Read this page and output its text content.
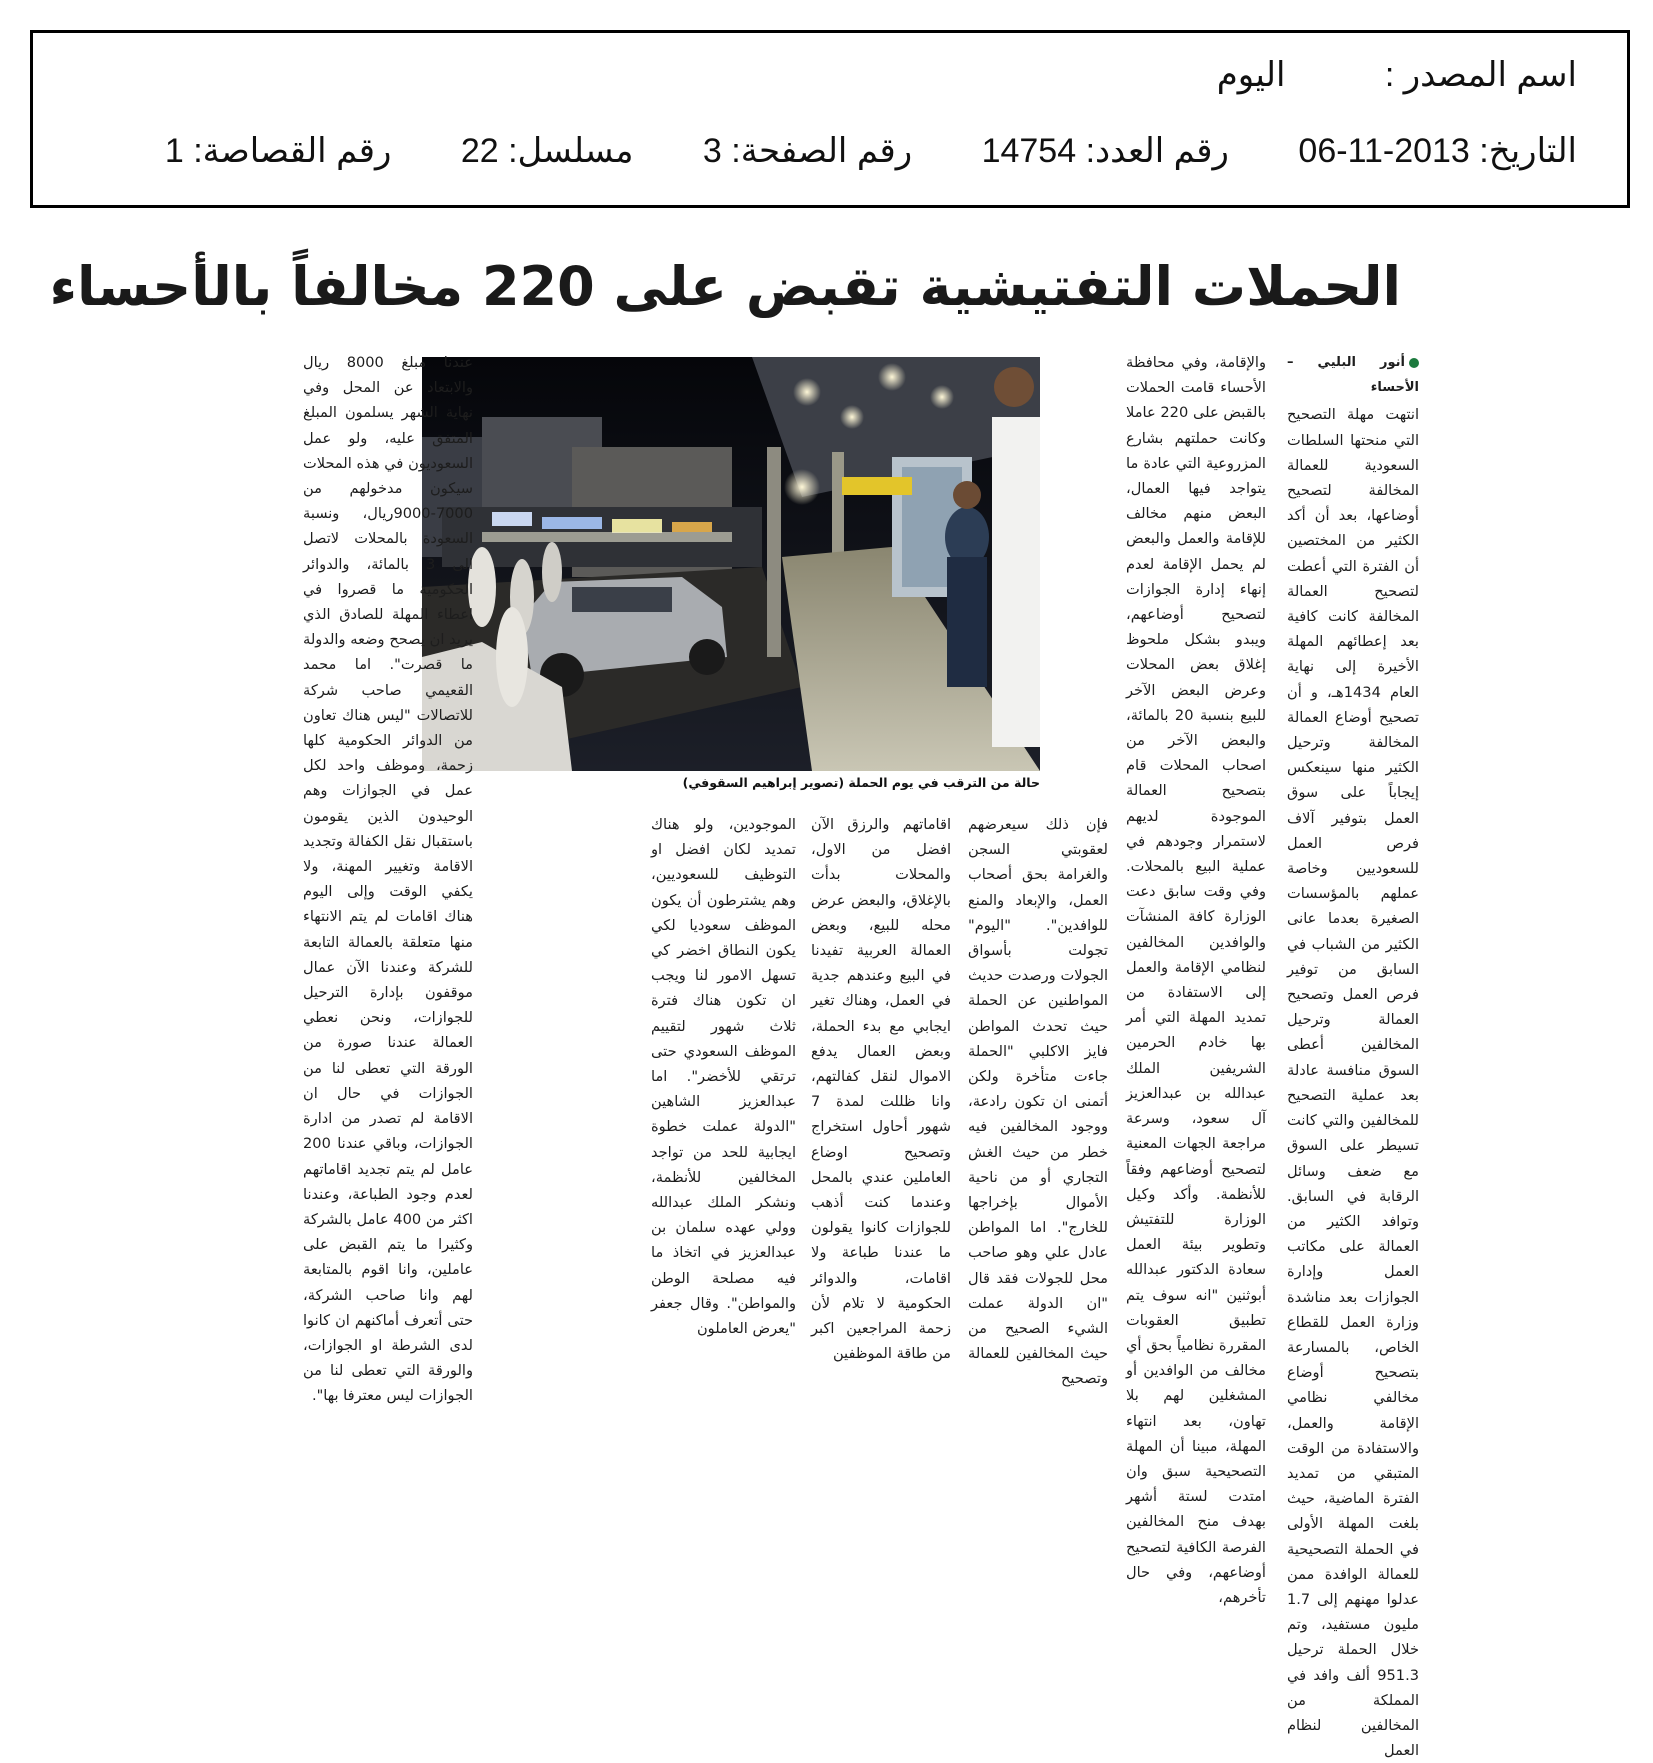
اسم المصدر : اليوم
التاريخ: 2013-11-06 رقم العدد: 14754 رقم الصفحة: 3 مسلسل: 22 رقم القصاصة: 1
الحملات التفتيشية تقبض على 220 مخالفاً بالأحساء
أنور البليي – الأحساء
انتهت مهلة التصحيح التي منحتها السلطات السعودية للعمالة المخالفة لتصحيح أوضاعها، بعد أن أكد الكثير من المختصين أن الفترة التي أعطت لتصحيح العمالة المخالفة كانت كافية بعد إعطائهم المهلة الأخيرة إلى نهاية العام 1434هـ، و أن تصحيح أوضاع العمالة المخالفة وترحيل الكثير منها سينعكس إيجاباً على سوق العمل بتوفير آلاف فرص العمل للسعوديين وخاصة عملهم بالمؤسسات الصغيرة بعدما عانى الكثير من الشباب في السابق من توفير فرص العمل وتصحيح العمالة وترحيل المخالفين أعطى السوق منافسة عادلة بعد عملية التصحيح للمخالفين والتي كانت تسيطر على السوق مع ضعف وسائل الرقابة في السابق. وتوافد الكثير من العمالة على مكاتب العمل وإدارة الجوازات بعد مناشدة وزارة العمل للقطاع الخاص، بالمسارعة بتصحيح أوضاع مخالفي نظامي الإقامة والعمل، والاستفادة من الوقت المتبقي من تمديد الفترة الماضية، حيث بلغت المهلة الأولى في الحملة التصحيحية للعمالة الوافدة ممن عدلوا مهنهم إلى 1.7 مليون مستفيد، وتم خلال الحملة ترحيل 951.3 ألف وافد في المملكة من المخالفين لنظام العمل
والإقامة، وفي محافظة الأحساء قامت الحملات بالقبض على 220 عاملا وكانت حملتهم بشارع المزروعية التي عادة ما يتواجد فيها العمال، البعض منهم مخالف للإقامة والعمل والبعض لم يحمل الإقامة لعدم إنهاء إدارة الجوازات لتصحيح أوضاعهم، ويبدو بشكل ملحوظ إغلاق بعض المحلات وعرض البعض الآخر للبيع بنسبة 20 بالمائة، والبعض الآخر من اصحاب المحلات قام بتصحيح العمالة الموجودة لديهم لاستمرار وجودهم في عملية البيع بالمحلات. وفي وقت سابق دعت الوزارة كافة المنشآت والوافدين المخالفين لنظامي الإقامة والعمل إلى الاستفادة من تمديد المهلة التي أمر بها خادم الحرمين الشريفين الملك عبدالله بن عبدالعزيز آل سعود، وسرعة مراجعة الجهات المعنية لتصحيح أوضاعهم وفقاً للأنظمة. وأكد وكيل الوزارة للتفتيش وتطوير بيئة العمل سعادة الدكتور عبدالله أبوثنين "انه سوف يتم تطبيق العقوبات المقررة نظامياً بحق أي مخالف من الوافدين أو المشغلين لهم بلا تهاون، بعد انتهاء المهلة، مبينا أن المهلة التصحيحية سبق وان امتدت لستة أشهر بهدف منح المخالفين الفرصة الكافية لتصحيح أوضاعهم، وفي حال تأخرهم،
حالة من الترقب في يوم الحملة (تصوير إبراهيم السقوفي)
فإن ذلك سيعرضهم لعقوبتي السجن والغرامة بحق أصحاب العمل، والإبعاد والمنع للوافدين". "اليوم" تجولت بأسواق الجولات ورصدت حديث المواطنين عن الحملة حيث تحدث المواطن فايز الاكلبي "الحملة جاءت متأخرة ولكن أتمنى ان تكون رادعة، ووجود المخالفين فيه خطر من حيث الغش التجاري أو من ناحية الأموال بإخراجها للخارج". اما المواطن عادل علي وهو صاحب محل للجولات فقد قال "ان الدولة عملت الشيء الصحيح من حيث المخالفين للعمالة وتصحيح
اقاماتهم والرزق الآن افضل من الاول، والمحلات بدأت بالإغلاق، والبعض عرض محله للبيع، وبعض العمالة العربية تفيدنا في البيع وعندهم جدية في العمل، وهناك تغير ايجابي مع بدء الحملة، وبعض العمال يدفع الاموال لنقل كفالتهم، وانا ظللت لمدة 7 شهور أحاول استخراج وتصحيح اوضاع العاملين عندي بالمحل وعندما كنت أذهب للجوازات كانوا يقولون ما عندنا طباعة ولا اقامات، والدوائر الحكومية لا تلام لأن زحمة المراجعين اكبر من طاقة الموظفين
الموجودين، ولو هناك تمديد لكان افضل او التوظيف للسعوديين، وهم يشترطون أن يكون الموظف سعوديا لكي يكون النطاق اخضر كي تسهل الامور لنا ويجب ان تكون هناك فترة ثلاث شهور لتقييم الموظف السعودي حتى ترتقي للأخضر". اما عبدالعزيز الشاهين "الدولة عملت خطوة ايجابية للحد من تواجد المخالفين للأنظمة، ونشكر الملك عبدالله وولي عهده سلمان بن عبدالعزيز في اتخاذ ما فيه مصلحة الوطن والمواطن". وقال جعفر "يعرض العاملون
عندنا مبلغ 8000 ريال والابتعاد عن المحل وفي نهاية الشهر يسلمون المبلغ المتفق عليه، ولو عمل السعوديون في هذه المحلات سيكون مدخولهم من 7000-9000ريال، ونسبة السعودة بالمحلات لاتصل الى 3 بالمائة، والدوائر الحكومية ما قصروا في اعطاء المهلة للصادق الذي يريد ان يصحح وضعه والدولة ما قصرت". اما محمد القعيمي صاحب شركة للاتصالات "ليس هناك تعاون من الدوائر الحكومية كلها زحمة، وموظف واحد لكل عمل في الجوازات وهم الوحيدون الذين يقومون باستقبال نقل الكفالة وتجديد الاقامة وتغيير المهنة، ولا يكفي الوقت وإلى اليوم هناك اقامات لم يتم الانتهاء منها متعلقة بالعمالة التابعة للشركة وعندنا الآن عمال موقفون بإدارة الترحيل للجوازات، ونحن نعطي العمالة عندنا صورة من الورقة التي تعطى لنا من الجوازات في حال ان الاقامة لم تصدر من ادارة الجوازات، وباقي عندنا 200 عامل لم يتم تجديد اقاماتهم لعدم وجود الطباعة، وعندنا اكثر من 400 عامل بالشركة وكثيرا ما يتم القبض على عاملين، وانا اقوم بالمتابعة لهم وانا صاحب الشركة، حتى أتعرف أماكنهم ان كانوا لدى الشرطة او الجوازات، والورقة التي تعطى لنا من الجوازات ليس معترفا بها".
